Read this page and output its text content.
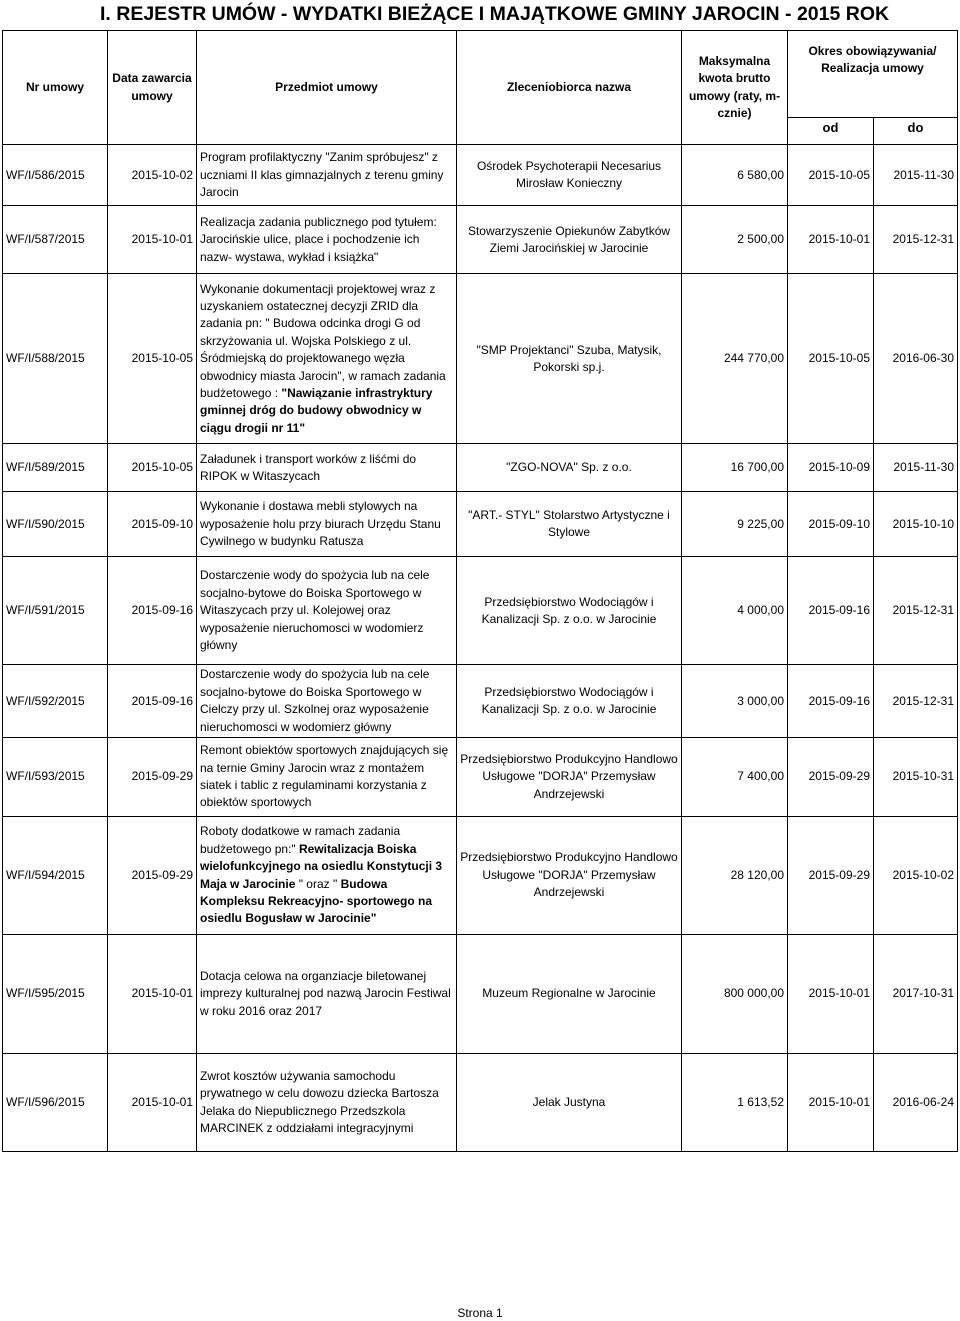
I. REJESTR UMÓW - WYDATKI BIEŻĄCE I MAJĄTKOWE GMINY JAROCIN - 2015 ROK
Nr umowy	Data zawarcia umowy	Przedmiot umowy	Zleceniobiorca nazwa	Maksymalna kwota brutto umowy (raty, m-cznie)	Okres obowiązywania/ Realizacja umowy	
					od	do
WF/I/586/2015	2015-10-02	Program profilaktyczny "Zanim spróbujesz" z uczniami II klas gimnazjalnych z terenu gminy Jarocin	Ośrodek Psychoterapii Necesarius Mirosław Konieczny	6 580,00	2015-10-05	2015-11-30
WF/I/587/2015	2015-10-01	Realizacja zadania publicznego pod tytułem: Jarocińskie ulice, place i pochodzenie ich nazw- wystawa, wykład i książka"	Stowarzyszenie Opiekunów Zabytków Ziemi Jarocińskiej w Jarocinie	2 500,00	2015-10-01	2015-12-31
WF/I/588/2015	2015-10-05	Wykonanie dokumentacji projektowej wraz z uzyskaniem ostatecznej decyzji ZRID dla zadania pn: " Budowa odcinka drogi G od skrzyżowania ul. Wojska Polskiego z ul. Śródmiejską do projektowanego węzła obwodnicy miasta Jarocin", w ramach zadania budżetowego : "Nawiązanie infrastryktury gminnej dróg do budowy obwodnicy w ciągu drogii nr 11"	"SMP Projektanci" Szuba, Matysik, Pokorski sp.j.	244 770,00	2015-10-05	2016-06-30
WF/I/589/2015	2015-10-05	Załadunek i transport worków z liśćmi do RIPOK w Witaszycach	"ZGO-NOVA" Sp. z o.o.	16 700,00	2015-10-09	2015-11-30
WF/I/590/2015	2015-09-10	Wykonanie i dostawa mebli stylowych na wyposażenie holu przy biurach Urzędu Stanu Cywilnego w budynku Ratusza	"ART.- STYL" Stolarstwo Artystyczne i Stylowe	9 225,00	2015-09-10	2015-10-10
WF/I/591/2015	2015-09-16	Dostarczenie wody do spożycia lub na cele socjalno-bytowe do Boiska Sportowego w Witaszycach przy ul. Kolejowej oraz wyposażenie nieruchomosci w wodomierz główny	Przedsiębiorstwo Wodociągów i Kanalizacji Sp. z o.o. w Jarocinie	4 000,00	2015-09-16	2015-12-31
WF/I/592/2015	2015-09-16	Dostarczenie wody do spożycia lub na cele socjalno-bytowe do Boiska Sportowego w Cielczy przy ul. Szkolnej oraz wyposażenie nieruchomosci w wodomierz główny	Przedsiębiorstwo Wodociągów i Kanalizacji Sp. z o.o. w Jarocinie	3 000,00	2015-09-16	2015-12-31
WF/I/593/2015	2015-09-29	Remont obiektów sportowych znajdujących się na ternie Gminy Jarocin wraz z montażem siatek i tablic z regulaminami korzystania z obiektów sportowych	Przedsiębiorstwo Produkcyjno Handlowo Usługowe "DORJA" Przemysław Andrzejewski	7 400,00	2015-09-29	2015-10-31
WF/I/594/2015	2015-09-29	Roboty dodatkowe w ramach zadania budżetowego pn:" Rewitalizacja Boiska wielofunkcyjnego na osiedlu Konstytucji 3 Maja w Jarocinie " oraz " Budowa Kompleksu Rekreacyjno- sportowego na osiedlu Bogusław w Jarocinie"	Przedsiębiorstwo Produkcyjno Handlowo Usługowe "DORJA" Przemysław Andrzejewski	28 120,00	2015-09-29	2015-10-02
WF/I/595/2015	2015-10-01	Dotacja celowa na organziacje biletowanej imprezy kulturalnej pod nazwą Jarocin Festiwal w roku 2016 oraz 2017	Muzeum Regionalne w Jarocinie	800 000,00	2015-10-01	2017-10-31
WF/I/596/2015	2015-10-01	Zwrot kosztów używania samochodu prywatnego w celu dowozu dziecka Bartosza Jelaka do Niepublicznego Przedszkola MARCINEK z oddziałami integracyjnymi	Jelak Justyna	1 613,52	2015-10-01	2016-06-24
Strona 1
